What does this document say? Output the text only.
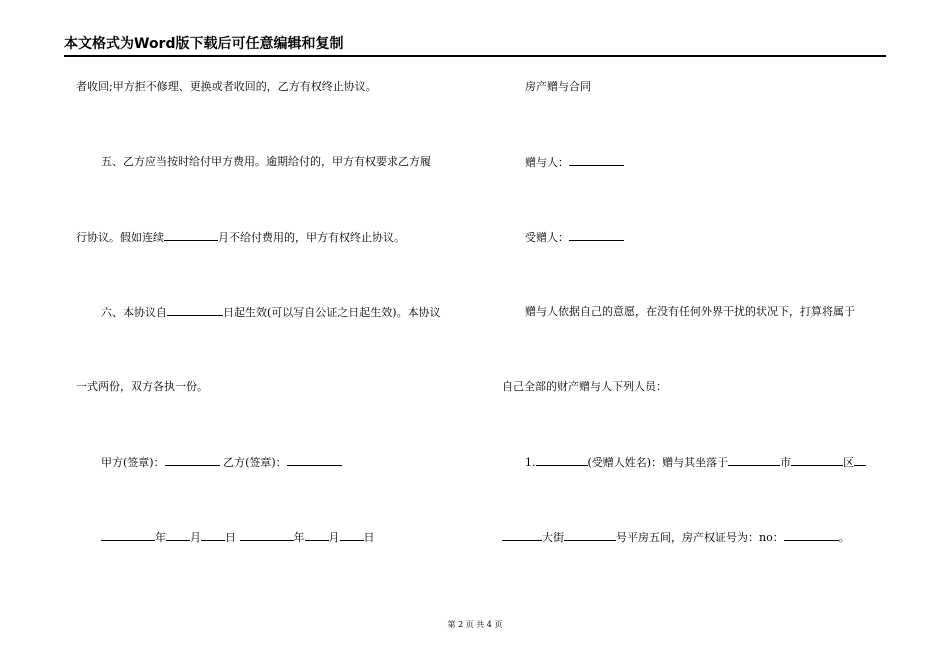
本文格式为Word版下载后可任意编辑和复制
者收回;甲方拒不修理、更换或者收回的，乙方有权终止协议。
五、乙方应当按时给付甲方费用。逾期给付的，甲方有权要求乙方履
行协议。假如连续	月不给付费用的，甲方有权终止协议。
六、本协议自	日起生效(可以写自公证之日起生效)。本协议
一式两份，双方各执一份。
甲方(签章)：	乙方(签章)：
年 月 日	年 月 日
房产赠与合同
赠与人：
受赠人：
赠与人依据自己的意愿，在没有任何外界干扰的状况下，打算将属于
自己全部的财产赠与人下列人员：
1.	(受赠人姓名)：赠与其坐落于	市	区
大街	号平房五间，房产权证号为：no：	。
第 2 页 共 4 页
